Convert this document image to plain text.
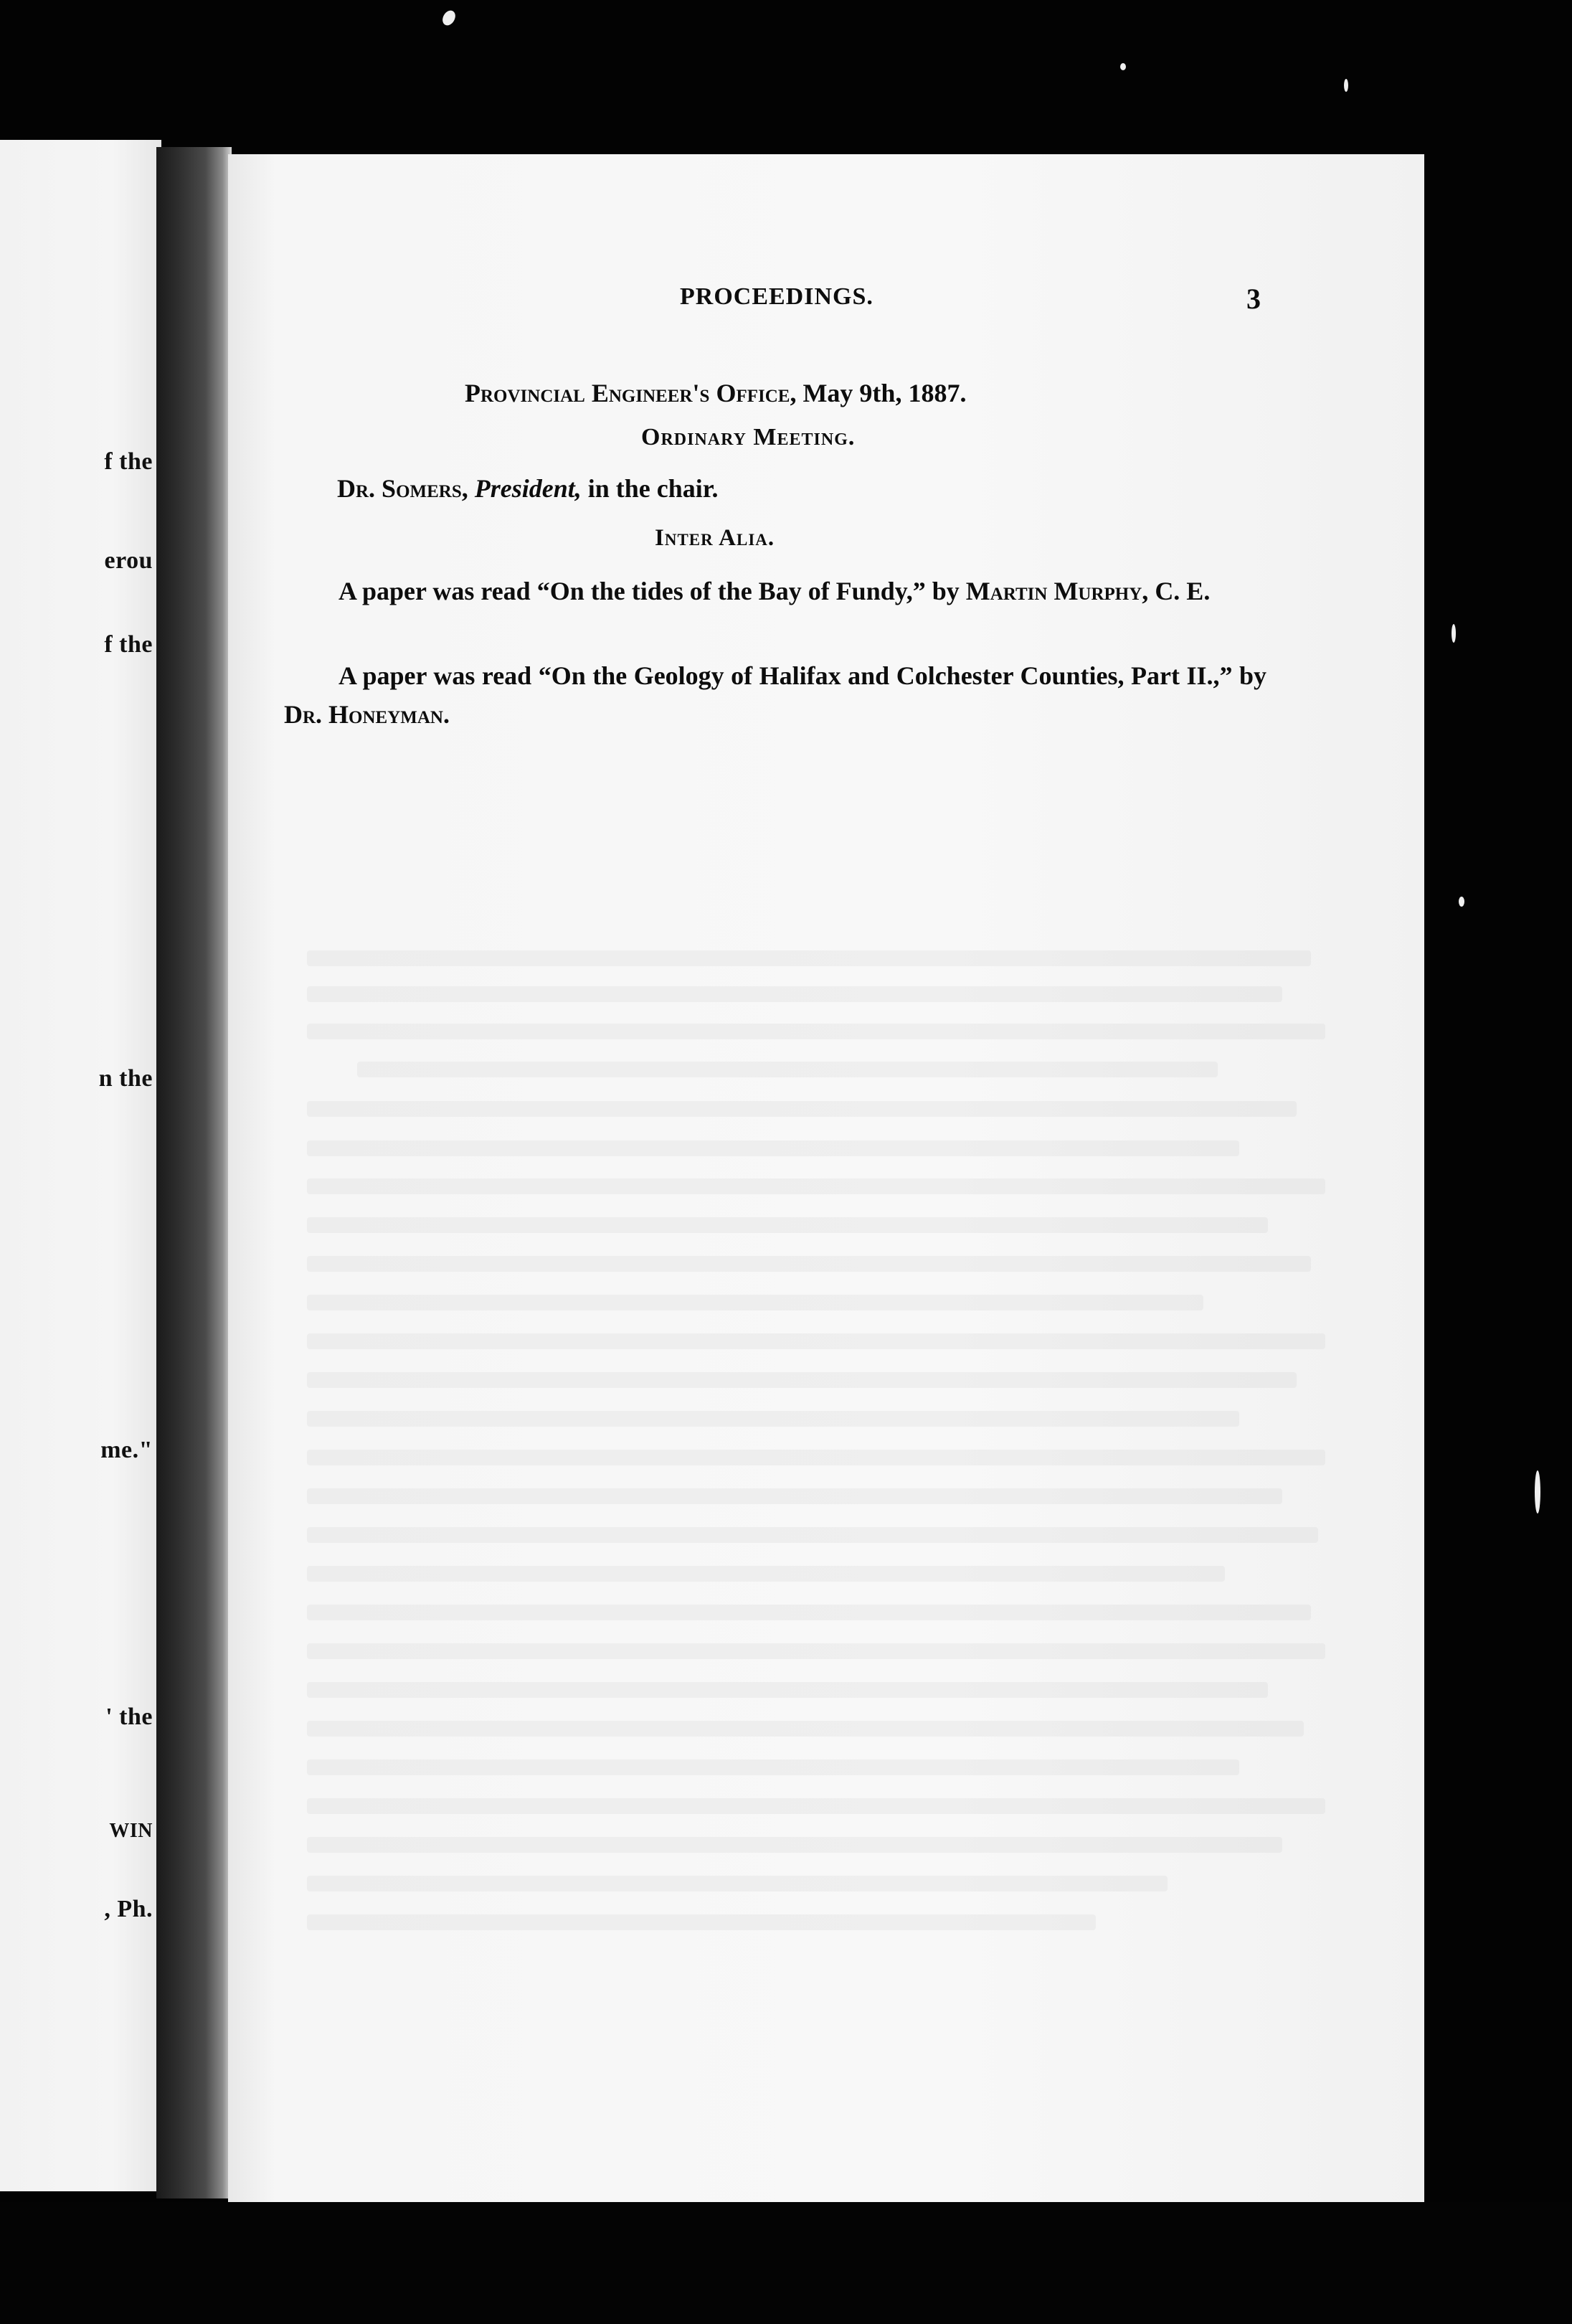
f the
erou
f the
n the
me."
' the
WIN
, Ph.
PROCEEDINGS.	3
Provincial Engineer's Office, May 9th, 1887.
Ordinary Meeting.
Dr. Somers, President, in the chair.
Inter Alia.

A paper was read “On the tides of the Bay of Fundy,” by Martin Murphy, C. E.

A paper was read “On the Geology of Halifax and Colchester Counties, Part II.,” by Dr. Honeyman.
